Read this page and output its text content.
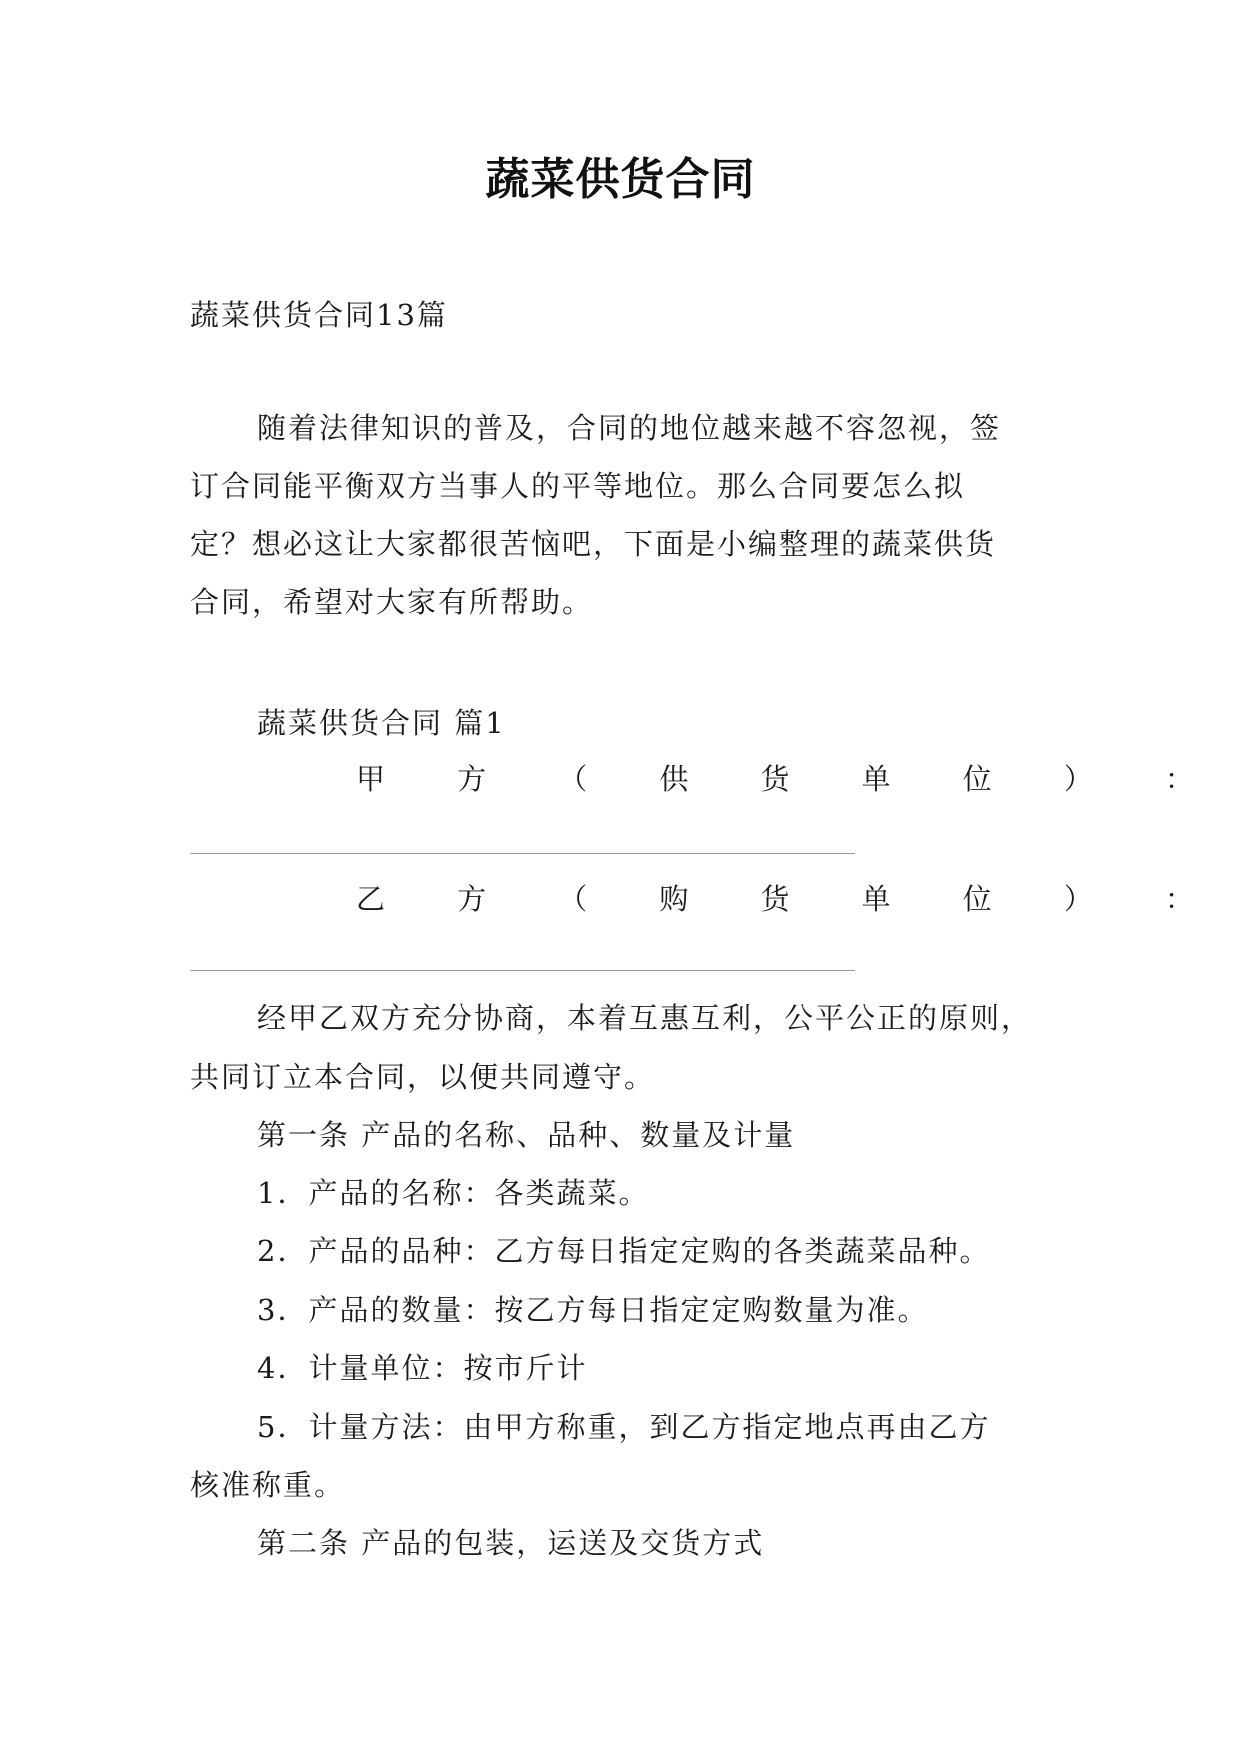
蔬菜供货合同
蔬菜供货合同13篇
随着法律知识的普及，合同的地位越来越不容忽视，签
订合同能平衡双方当事人的平等地位。那么合同要怎么拟
定？想必这让大家都很苦恼吧，下面是小编整理的蔬菜供货
合同，希望对大家有所帮助。
蔬菜供货合同 篇1
甲 方 （ 供 货 单 位 ） ：
乙 方 （ 购 货 单 位 ） ：
经甲乙双方充分协商，本着互惠互利，公平公正的原则，
共同订立本合同，以便共同遵守。
第一条 产品的名称、品种、数量及计量
1．产品的名称：各类蔬菜。
2．产品的品种：乙方每日指定定购的各类蔬菜品种。
3．产品的数量：按乙方每日指定定购数量为准。
4．计量单位：按市斤计
5．计量方法：由甲方称重，到乙方指定地点再由乙方
核准称重。
第二条 产品的包装，运送及交货方式
